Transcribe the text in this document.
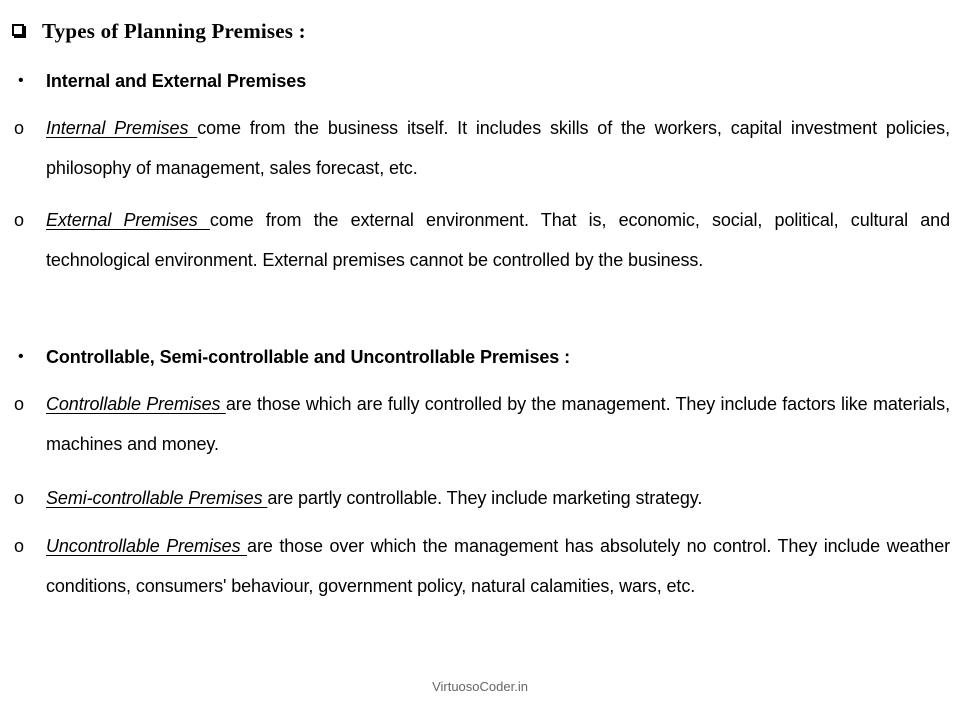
Types of Planning Premises :
•	Internal and External Premises
o	Internal Premises come from the business itself. It includes skills of the workers, capital investment policies, philosophy of management, sales forecast, etc.
o	External Premises come from the external environment. That is, economic, social, political, cultural and technological environment. External premises cannot be controlled by the business.
•	Controllable, Semi-controllable and Uncontrollable Premises :
o	Controllable Premises are those which are fully controlled by the management. They include factors like materials, machines and money.
o	Semi-controllable Premises are partly controllable. They include marketing strategy.
o	Uncontrollable Premises are those over which the management has absolutely no control. They include weather conditions, consumers' behaviour, government policy, natural calamities, wars, etc.
VirtuosoCoder.in
